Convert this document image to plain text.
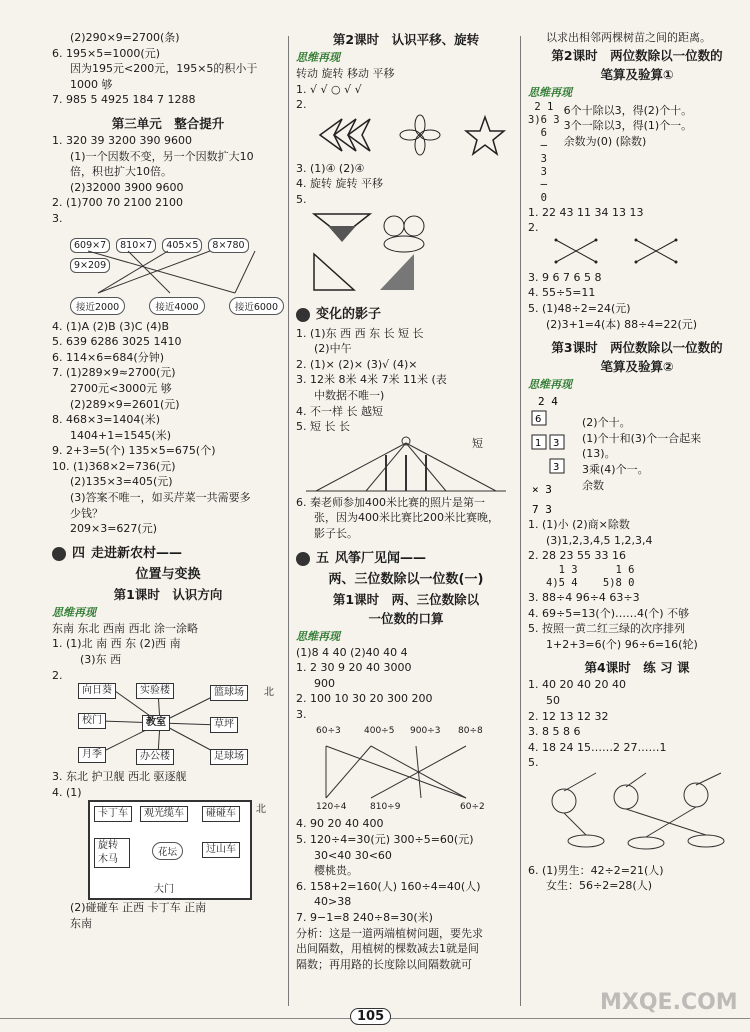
(2)290×9=2700(条)
6. 195×5=1000(元)
因为195元<200元，195×5的积小于
1000 够
7. 985 5 4925 184 7 1288
第三单元　整合提升
1. 320 39 3200 390 9600
(1)一个因数不变，另一个因数扩大10
倍，积也扩大10倍。
(2)32000 3900 9600
2. (1)700 70 2100 2100
3.
609×7 810×7 405×5 8×7809×209
接近2000	接近4000	接近6000
4. (1)A (2)B (3)C (4)B
5. 639 6286 3025 1410
6. 114×6=684(分钟)
7. (1)289×9≈2700(元)
2700元<3000元 够
(2)289×9=2601(元)
8. 468×3=1404(米)
1404+1=1545(米)
9. 2+3=5(个) 135×5=675(个)
10. (1)368×2=736(元)
(2)135×3=405(元)
(3)答案不唯一，如买芹菜一共需要多
少钱？
209×3=627(元)
四 走进新农村——
位置与变换
第1课时　认识方向
思维再现
东南 东北 西南 西北 涂一涂略
1. (1)北 南 西 东 (2)西 南
(3)东 西
2.
向日葵	实验楼	篮球场
校门	教室	草坪
月季	办公楼	足球场
北
3. 东北 护卫舰 西北 驱逐舰
4. (1)
卡丁车	观光缆车	碰碰车
旋转木马
花坛	过山车
大门
北
(2)碰碰车 正西 卡丁车 正南
东南
第2课时　认识平移、旋转
思维再现
转动 旋转 移动 平移
1. √ √ ○ √ √
2.
3. (1)④ (2)④
4. 旋转 旋转 平移
5.
变化的影子
1. (1)东 西 西 东 长 短 长
(2)中午
2. (1)× (2)× (3)√ (4)×
3. 12米 8米 4米 7米 11米 (表
中数据不唯一)
4. 不一样 长 越短
5. 短 长 长
短
6. 秦老师参加400米比赛的照片是第一
张，因为400米比赛比200米比赛晚，
影子长。
五 风筝厂见闻——
两、三位数除以一位数(一)
第1课时　两、三位数除以
一位数的口算
思维再现
(1)8 4 40 (2)40 40 4
1. 2 30 9 20 40 3000
900
2. 100 10 30 20 300 200
3.
60÷3	400÷5 900÷3 80÷8
120÷4	810÷9	60÷2
4. 90 20 40 400
5. 120÷4=30(元) 300÷5=60(元)
30<40 30<60
樱桃贵。
6. 158+2=160(人) 160÷4=40(人)
40>38
7. 9−1=8 240÷8=30(米)
分析：这是一道两端植树问题，要先求
出间隔数，用植树的棵数减去1就是间
隔数；再用路的长度除以间隔数就可
以求出相邻两棵树苗之间的距离。
第2课时　两位数除以一位数的
笔算及验算①
思维再现
2 1
3)6 3
6
─
3
3
─
0
6个十除以3，得(2)个十。
3个一除以3，得(1)个一。
余数为(0) (除数)
1. 22 43 11 34 13 13
2.
3. 9 6 7 6 5 8
4. 55÷5=11
5. (1)48÷2=24(元)
(2)3+1=4(本) 88÷4=22(元)
第3课时　两位数除以一位数的
笔算及验算②
思维再现
2 4
6
1 3
3
× 3
7 3
(2)个十。
(1)个十和(3)个一合起来
(13)。
3乘(4)个一。
余数
1. (1)小 (2)商×除数
(3)1,2,3,4,5 1,2,3,4
2. 28 23 55 33 16
1 3      1 6
4)5 4    5)8 0
3. 88÷4 96÷4 63÷3
4. 69÷5=13(个)……4(个) 不够
5. 按照一黄二红三绿的次序排列
1+2+3=6(个) 96÷6=16(轮)
第4课时　练 习 课
1. 40 20 40 20 40
50
2. 12 13 12 32
3. 8 5 8 6
4. 18 24 15……2 27……1
5.
6. (1)男生：42÷2=21(人)
女生：56÷2=28(人)
105
MXQE.COM
